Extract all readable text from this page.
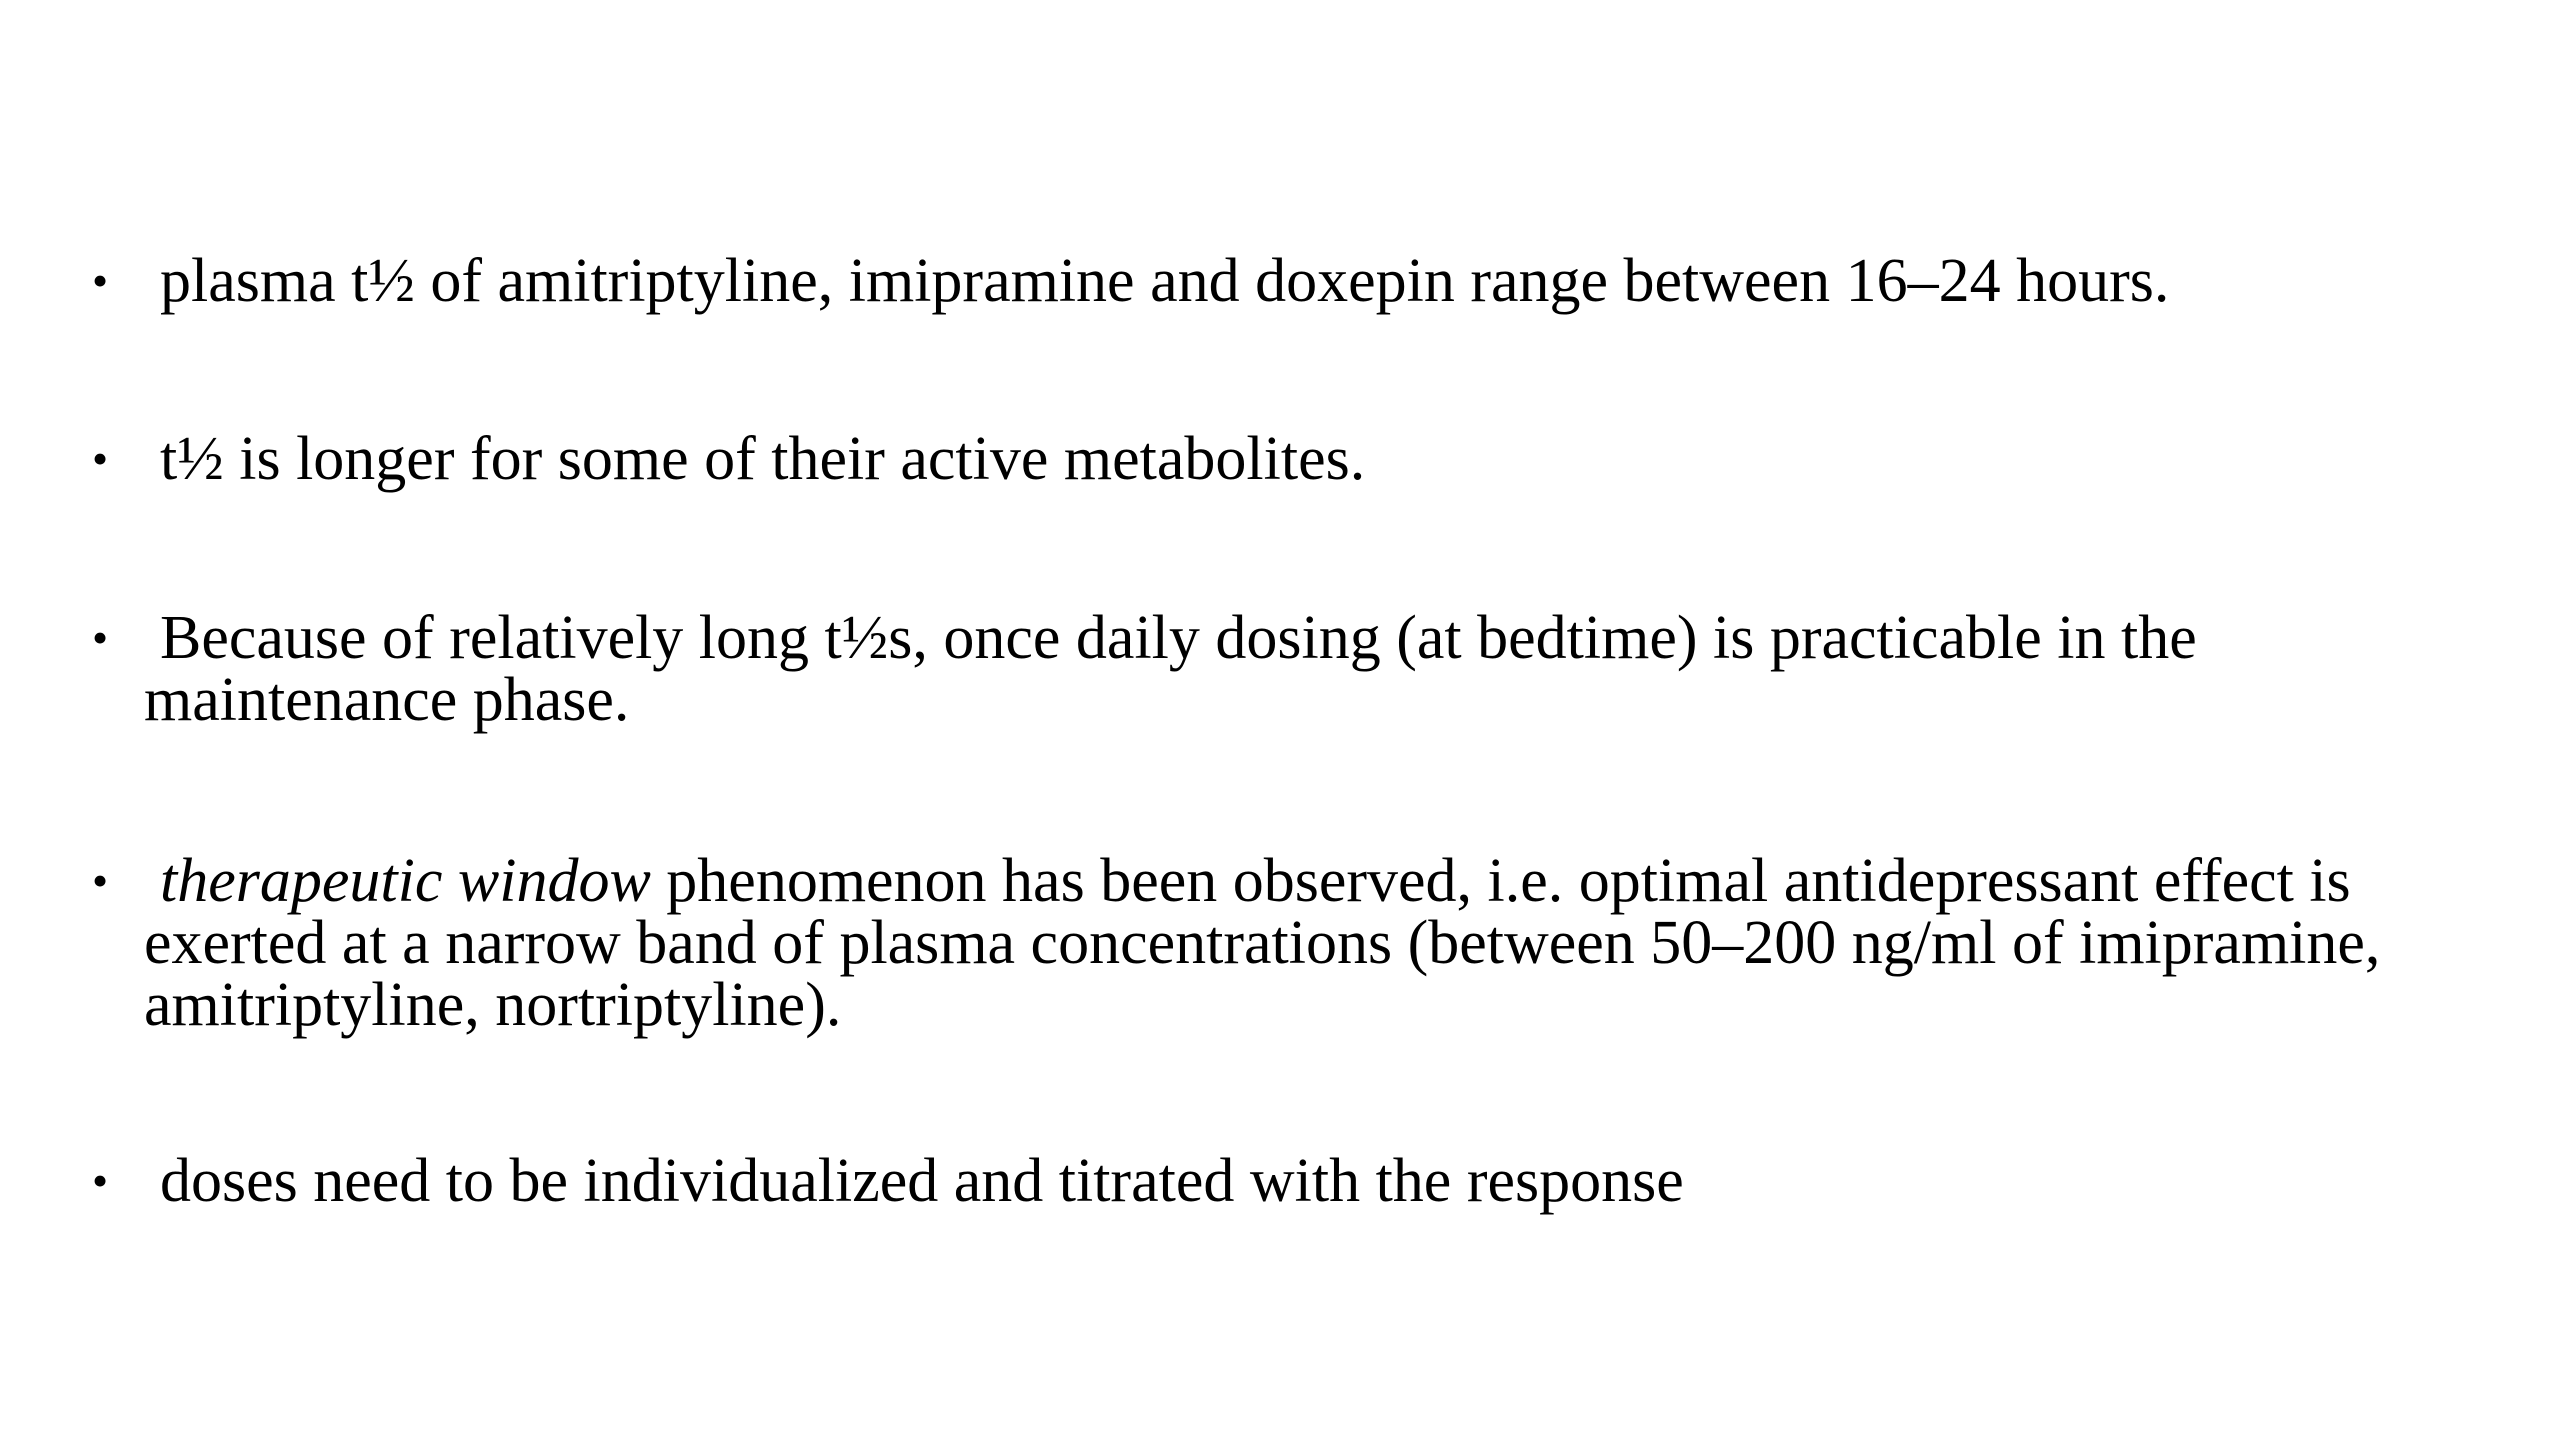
• plasma t½ of amitriptyline, imipramine and doxepin range between 16–24 hours.
• t½ is longer for some of their active metabolites.
• Because of relatively long t½s, once daily dosing (at bedtime) is practicable in the
maintenance phase.
• therapeutic window phenomenon has been observed, i.e. optimal antidepressant effect is
exerted at a narrow band of plasma concentrations (between 50–200 ng/ml of imipramine,
amitriptyline, nortriptyline).
• doses need to be individualized and titrated with the response
